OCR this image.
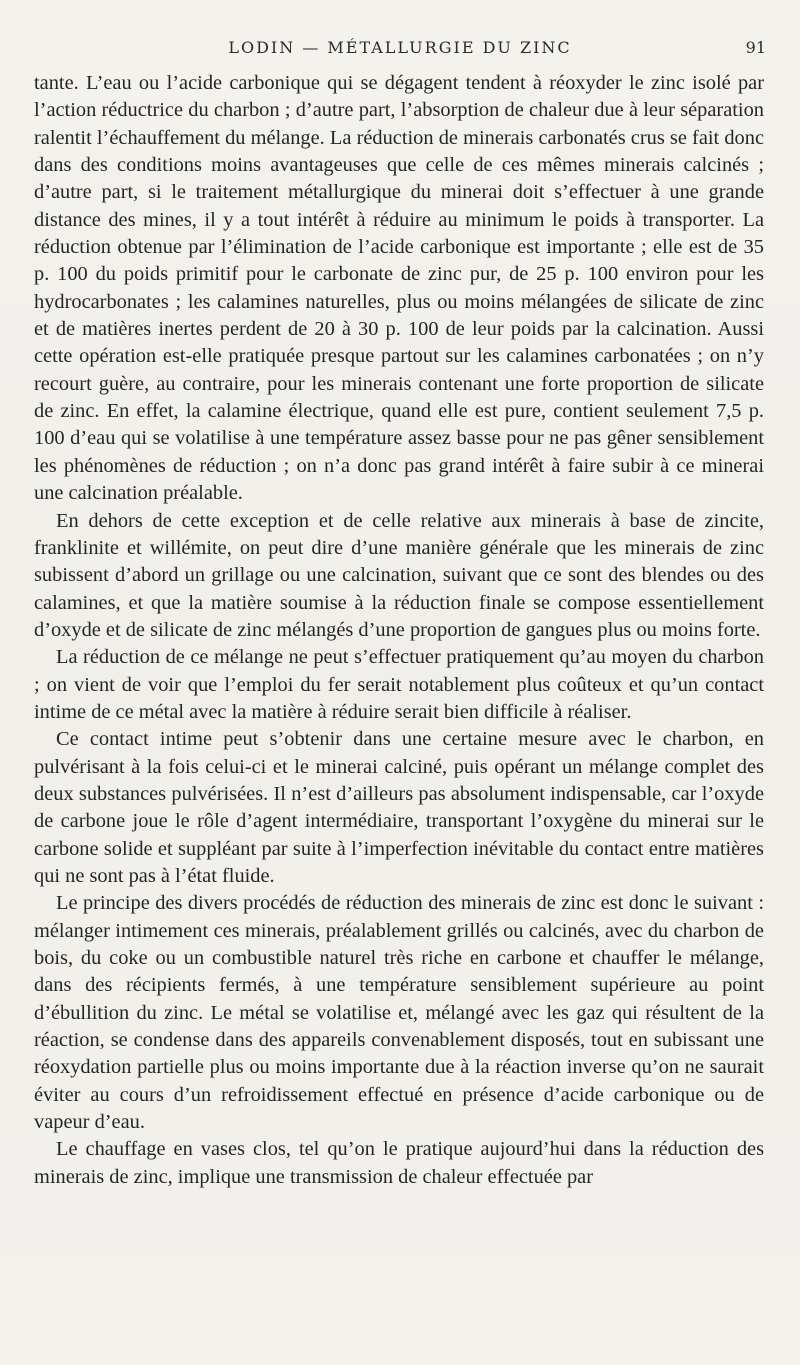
LODIN — MÉTALLURGIE DU ZINC	91

tante. L’eau ou l’acide carbonique qui se dégagent tendent à réoxyder le zinc isolé par l’action réductrice du charbon ; d’autre part, l’absorption de chaleur due à leur séparation ralentit l’échauffement du mélange. La réduction de minerais carbonatés crus se fait donc dans des conditions moins avantageuses que celle de ces mêmes minerais calcinés ; d’autre part, si le traitement métallurgique du minerai doit s’effectuer à une grande distance des mines, il y a tout intérêt à réduire au minimum le poids à transporter. La réduction obtenue par l’élimination de l’acide carbonique est importante ; elle est de 35 p. 100 du poids primitif pour le carbonate de zinc pur, de 25 p. 100 environ pour les hydrocarbonates ; les calamines naturelles, plus ou moins mélangées de silicate de zinc et de matières inertes perdent de 20 à 30 p. 100 de leur poids par la calcination. Aussi cette opération est-elle pratiquée presque partout sur les calamines carbonatées ; on n’y recourt guère, au contraire, pour les minerais contenant une forte proportion de silicate de zinc. En effet, la calamine électrique, quand elle est pure, contient seulement 7,5 p. 100 d’eau qui se volatilise à une température assez basse pour ne pas gêner sensiblement les phénomènes de réduction ; on n’a donc pas grand intérêt à faire subir à ce minerai une calcination préalable.

En dehors de cette exception et de celle relative aux minerais à base de zincite, franklinite et willémite, on peut dire d’une manière générale que les minerais de zinc subissent d’abord un grillage ou une calcination, suivant que ce sont des blendes ou des calamines, et que la matière soumise à la réduction finale se compose essentiellement d’oxyde et de silicate de zinc mélangés d’une proportion de gangues plus ou moins forte.

La réduction de ce mélange ne peut s’effectuer pratiquement qu’au moyen du charbon ; on vient de voir que l’emploi du fer serait notablement plus coûteux et qu’un contact intime de ce métal avec la matière à réduire serait bien difficile à réaliser.

Ce contact intime peut s’obtenir dans une certaine mesure avec le charbon, en pulvérisant à la fois celui-ci et le minerai calciné, puis opérant un mélange complet des deux substances pulvérisées. Il n’est d’ailleurs pas absolument indispensable, car l’oxyde de carbone joue le rôle d’agent intermédiaire, transportant l’oxygène du minerai sur le carbone solide et suppléant par suite à l’imperfection inévitable du contact entre matières qui ne sont pas à l’état fluide.

Le principe des divers procédés de réduction des minerais de zinc est donc le suivant : mélanger intimement ces minerais, préalablement grillés ou calcinés, avec du charbon de bois, du coke ou un combustible naturel très riche en carbone et chauffer le mélange, dans des récipients fermés, à une température sensiblement supérieure au point d’ébullition du zinc. Le métal se volatilise et, mélangé avec les gaz qui résultent de la réaction, se condense dans des appareils convenablement disposés, tout en subissant une réoxydation partielle plus ou moins importante due à la réaction inverse qu’on ne saurait éviter au cours d’un refroidissement effectué en présence d’acide carbonique ou de vapeur d’eau.

Le chauffage en vases clos, tel qu’on le pratique aujourd’hui dans la réduction des minerais de zinc, implique une transmission de chaleur effectuée par
